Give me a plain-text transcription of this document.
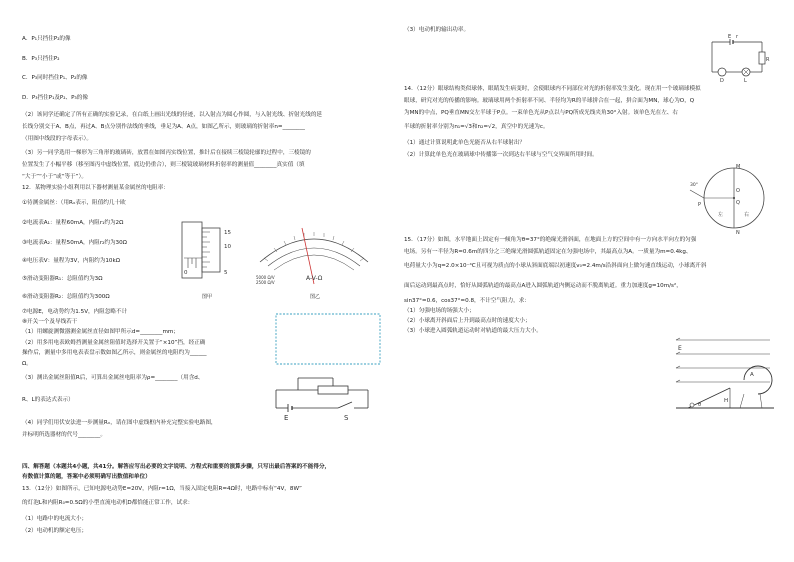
A．P₁只挡住P₂的像
B．P₃只挡住P₂
C．P₃同时挡住P₁、P₂的像
D．P₃挡住P₁及P₂、P₃的像
（2）该同学还确定了所有正确的实验记录，在白纸上画出光线的径迹，以入射点为圆心作圆，与入射光线、折射光线的延
长线分别交于A、B点，再过A、B点分别作法线的垂线，垂足为A、A点，如图乙所示，则玻璃的折射率n=________
（用图中线段的字母表示）。
（3）另一同学选用一梯形为三角形的玻璃砖，放置在如图丙实线位置，推针后在接续三棱镜轮廓的过程中，三棱镜的
位置发生了小幅平移（移至图丙中虚线位置，底边仍重合），则三棱镜玻璃材料折射率的测量值________真实值（填
“大于”“小于”或“等于”）。
12．某物理实验小组利用以下器材测量某金属丝的电阻率：
①待测金属丝：（用Rₓ表示，阻值约几十欧
②电流表A₁：量程60mA，内阻r₁约为2Ω
③电流表A₂：量程50mA，内阻r₂约为30Ω
④电压表V：量程为3V，内阻约为10kΩ
⑤滑动变阻器R₁：总阻值约为3Ω
⑥滑动变阻器R₂：总阻值约为300Ω
⑦电源E，电动势约为1.5V，内阻忽略不计
⑧开关一个及导线若干
（1）用螺旋测微器测金属丝直径如图甲所示d=________mm；
（2）用多用电表欧姆挡测量金属丝阻值时选择开关置于“×10”挡，经正确
操作后，测量中多用电表表盘示数如图乙所示，则金属丝的电阻约为______
Ω。
（3）测出金属丝阻值R后，可算出金属丝电阻率为ρ=________（用含d、
R、L的表达式表示）
（4）同学们用伏安法进一步测量Rₓ，请在图中虚线框内补充完整实验电路图，
并标明所选器材的代号________。
四、解答题（本题共4小题，共41分。解答应写出必要的文字说明、方程式和重要的演算步骤，只写出最后答案的不能得分，
有数值计算的题，答案中必须明确写出数值和单位）
13．（12分）如图所示，已知电源电动势E=20V，内阻r=1Ω，当接入固定电阻R=4Ω时，电路中标有“4V，8W”
的灯泡L和内阻R₀=0.5Ω的小型直流电动机D都恰能正常工作，试求：
（1）电路中的电流大小；
（2）电动机的额定电压；
15
10
0	5
图甲
A-V-Ω
5000 Ω/V
2500 Ω/V
图乙
E	S
（3）电动机的输出功率。
E r
R
D	L
14．（12分）眼球结构类似球体，眼睛发生病变时，会使眼球内不同部位对光的折射率发生变化。现在用一个玻璃球模拟
眼球，研究对光的传播的影响。玻璃球用两个折射率不同、半径均为R的半球拼合在一起，拼合面为MN，球心为O，Q
为MN的中点，PQ垂直MN交左半球于P点。一束单色光从P点以与PQ所成光线夹角30°入射。该单色光在左、右
半球的折射率分别为n₁=√3和n₂=√2，真空中的光速为c。
（1）通过计算说明此单色光能否从右半球射出？
（2）计算此单色光在玻璃球中传播第一次到达右半球与空气交界面所用时间。
M
N
O
Q
P
左	右
30°
15．（17分）如图，水平地面上固定有一倾角为θ=37°的绝缘光滑斜面，在地面上方的空间中有一方向水平向左的匀强
电场。另有一半径为R=0.6m的四分之三绝缘光滑圆弧轨道固定在匀强电场中，其最高点为A。一质量为m=0.4kg、
电荷量大小为q=2.0×10⁻⁴C且可视为质点的小球从斜面底端以初速度v₀=2.4m/s沿斜面向上做匀速直线运动，小球离开斜
面后运动到最高点时，恰好从圆弧轨道的最高点A进入圆弧轨道内侧运动而不脱离轨道。重力加速度g=10m/s²，
sin37°=0.6，cos37°=0.8，不计空气阻力，求：
（1）匀强电场的场强大小；
（2）小球离开斜面后上升到最高点时的速度大小；
（3）小球进入圆弧轨道运动时对轨道的最大压力大小。
E
A
H
θ
